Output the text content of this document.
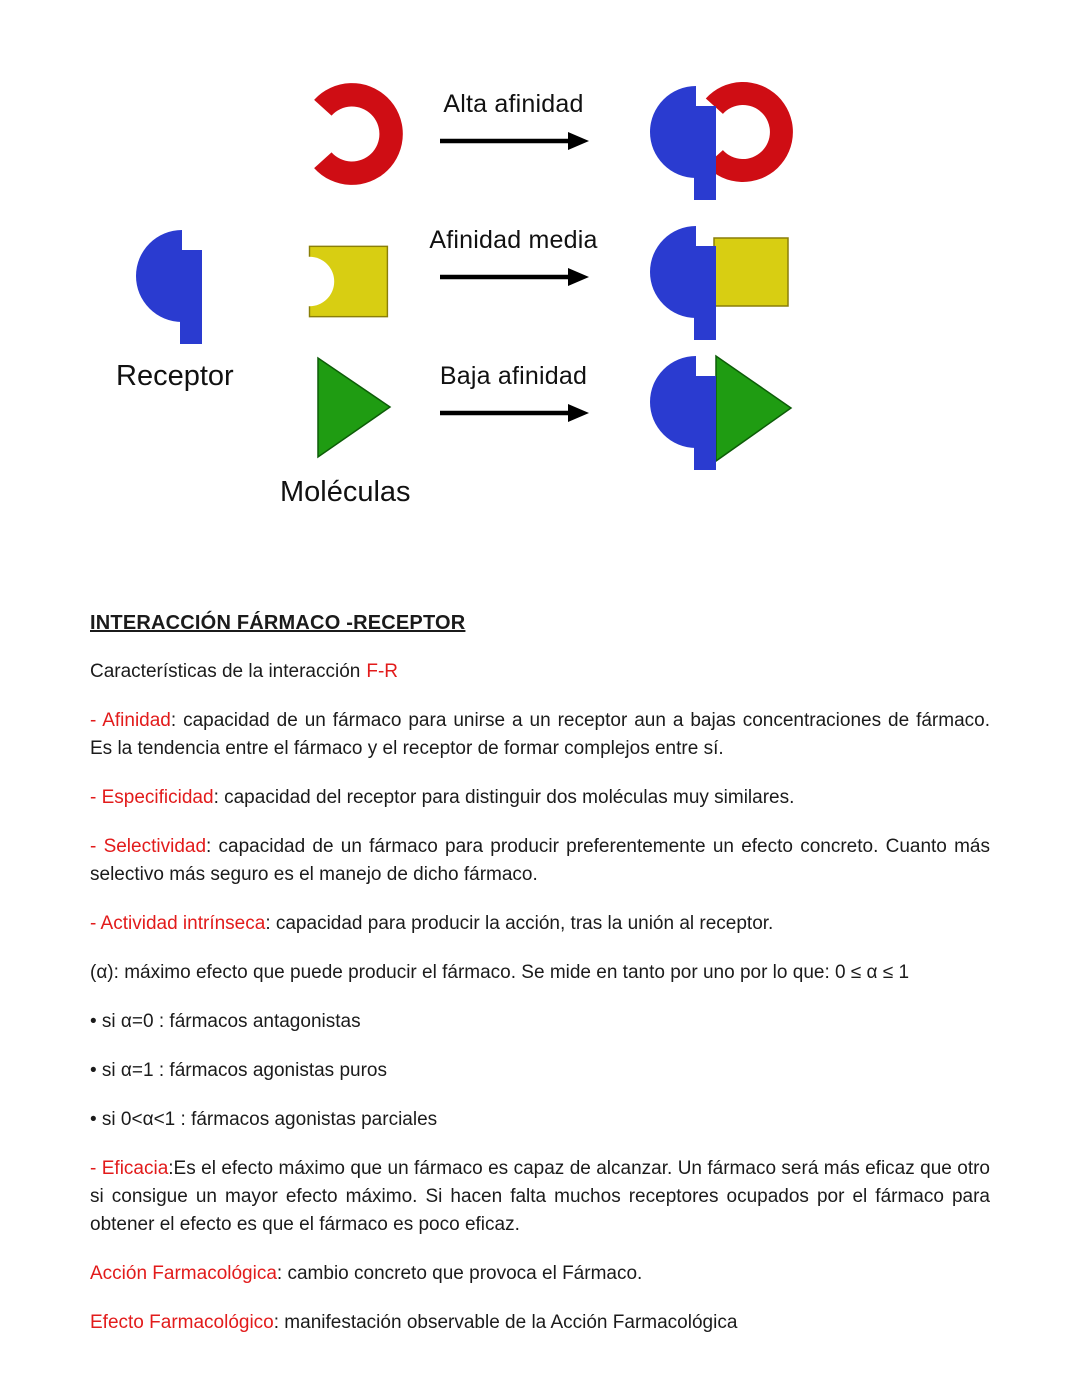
Receptor
Alta afinidad
Afinidad media
Baja afinidad
Moléculas
INTERACCIÓN FÁRMACO -RECEPTOR

Características de la interacción F-R

- Afinidad: capacidad de un fármaco para unirse a un receptor aun a bajas concentraciones de fármaco. Es la tendencia entre el fármaco y el receptor de formar complejos entre sí.

- Especificidad: capacidad del receptor para distinguir dos moléculas muy similares.

- Selectividad: capacidad de un fármaco para producir preferentemente un efecto concreto. Cuanto más selectivo más seguro es el manejo de dicho fármaco.

- Actividad intrínseca: capacidad para producir la acción, tras la unión al receptor.

(α): máximo efecto que puede producir el fármaco. Se mide en tanto por uno por lo que: 0 ≤ α ≤ 1

• si α=0 : fármacos antagonistas

• si α=1 : fármacos agonistas puros

• si 0<α<1 : fármacos agonistas parciales

- Eficacia:Es el efecto máximo que un fármaco es capaz de alcanzar. Un fármaco será más eficaz que otro si consigue un mayor efecto máximo. Si hacen falta muchos receptores ocupados por el fármaco para obtener el efecto es que el fármaco es poco eficaz.

Acción Farmacológica: cambio concreto que provoca el Fármaco.

Efecto Farmacológico: manifestación observable de la Acción Farmacológica
